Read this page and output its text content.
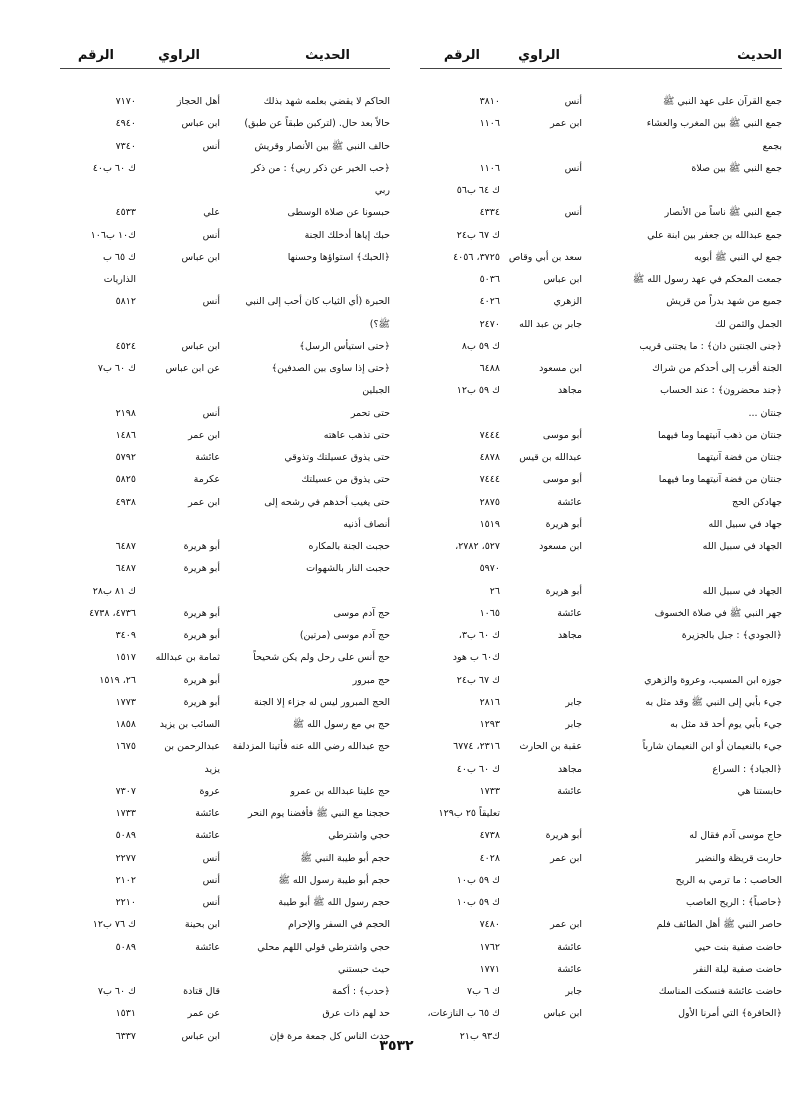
الحديث
الراوي
الرقم
جمع القرآن على عهد النبي ﷺ
أنس
٣٨١٠
جمع النبي ﷺ بين المغرب والعشاء
ابن عمر
١١٠٦
بجمع
جمع النبي ﷺ بين صلاة
أنس
١١٠٦
ك ٦٤ ب٥٦
جمع النبي ﷺ ناساً من الأنصار
أنس
٤٣٣٤
جمع عبدالله بن جعفر بين ابنة علي
ك ٦٧ ب٢٤
جمع لي النبي ﷺ أبويه
سعد بن أبي وقاص
٣٧٢٥، ٤٠٥٦
جمعت المحكم في عهد رسول الله ﷺ
ابن عباس
٥٠٣٦
جميع من شهد بدراً من قريش
الزهري
٤٠٢٦
الجمل والثمن لك
جابر بن عبد الله
٢٤٧٠
﴿جنى الجنتين دان﴾ : ما يجتنى قريب
ك ٥٩ ب٨
الجنة أقرب إلى أحدكم من شراك
ابن مسعود
٦٤٨٨
﴿جند محضرون﴾ : عند الحساب
مجاهد
ك ٥٩ ب١٢
جنتان ...
جنتان من ذهب آنيتهما وما فيهما
أبو موسى
٧٤٤٤
جنتان من فضة آنيتهما
عبدالله بن قيس
٤٨٧٨
جنتان من فضة آنيتهما وما فيهما
أبو موسى
٧٤٤٤
جهادكن الحج
عائشة
٢٨٧٥
جهاد في سبيل الله
أبو هريرة
١٥١٩
الجهاد في سبيل الله
ابن مسعود
٥٢٧، ٢٧٨٢،
٥٩٧٠
الجهاد في سبيل الله
أبو هريرة
٢٦
جهر النبي ﷺ في صلاة الخسوف
عائشة
١٠٦٥
﴿الجودي﴾ : جبل بالجزيرة
مجاهد
ك ٦٠ ب٣،
ك٦٠ ب هود
جوزه ابن المسيب، وعروة والزهري
ك ٦٧ ب٢٤
جيء بأبي إلى النبي ﷺ وقد مثل به
جابر
٢٨١٦
جيء بأبي يوم أحد قد مثل به
جابر
١٢٩٣
جيء بالنعيمان أو ابن النعيمان شارباً
عقبة بن الحارث
٢٣١٦، ٦٧٧٤
﴿الجياد﴾ : السراع
مجاهد
ك ٦٠ ب٤٠
حابستنا هي
عائشة
١٧٣٣
تعليقاً ٢٥ ب١٢٩
حاج موسى آدم فقال له
أبو هريرة
٤٧٣٨
حاربت قريظة والنضير
ابن عمر
٤٠٢٨
الحاصب : ما ترمي به الريح
ك ٥٩ ب١٠
﴿حاصباً﴾ : الريح العاصب
ك ٥٩ ب١٠
حاصر النبي ﷺ أهل الطائف فلم
ابن عمر
٧٤٨٠
حاضت صفية بنت حيي
عائشة
١٧٦٢
حاضت صفية ليلة النفر
عائشة
١٧٧١
حاضت عائشة فنسكت المناسك
جابر
ك ٦ ب٧
﴿الحافرة﴾ التي أمرنا الأول
ابن عباس
ك ٦٥ ب النازعات،
ك٩٣ ب٢١
الحديث
الراوي
الرقم
الحاكم لا يقضي بعلمه شهد بذلك
أهل الحجاز
٧١٧٠
حالاً بعد حال. (لتركبن طبقاً عن طبق)
ابن عباس
٤٩٤٠
حالف النبي ﷺ بين الأنصار وقريش
أنس
٧٣٤٠
﴿حب الخير عن ذكر ربي﴾ : من ذكر
ك ٦٠ ب٤٠
ربي
حبسونا عن صلاة الوسطى
علي
٤٥٣٣
حبك إياها أدخلك الجنة
أنس
ك١٠ ب١٠٦
﴿الحبك﴾ استواؤها وحسنها
ابن عباس
ك ٦٥ ب
الذاريات
الحبرة (أي الثياب كان أحب إلى النبي
أنس
٥٨١٢
ﷺ؟)
﴿حتى استيأس الرسل﴾
ابن عباس
٤٥٢٤
﴿حتى إذا ساوى بين الصدفين﴾
عن ابن عباس
ك ٦٠ ب٧
الجبلين
حتى تحمر
أنس
٢١٩٨
حتى تذهب عاهته
ابن عمر
١٤٨٦
حتى يذوق عسيلتك وتذوقي
عائشة
٥٧٩٢
حتى يذوق من عسيلتك
عكرمة
٥٨٢٥
حتى يغيب أحدهم في رشحه إلى
ابن عمر
٤٩٣٨
أنصاف أذنيه
حجبت الجنة بالمكاره
أبو هريرة
٦٤٨٧
حجبت النار بالشهوات
أبو هريرة
٦٤٨٧
ك ٨١ ب٢٨
حج آدم موسى
أبو هريرة
٤٧٣٦، ٤٧٣٨
حج آدم موسى (مرتين)
أبو هريرة
٣٤٠٩
حج أنس على رحل ولم يكن شحيحاً
ثمامة بن عبدالله
١٥١٧
حج مبرور
أبو هريرة
٢٦، ١٥١٩
الحج المبرور ليس له جزاء إلا الجنة
أبو هريرة
١٧٧٣
حج بي مع رسول الله ﷺ
السائب بن يزيد
١٨٥٨
حج عبدالله رضي الله عنه فأتينا المزدلفة
عبدالرحمن بن
١٦٧٥
يزيد
حج علينا عبدالله بن عمرو
عروة
٧٣٠٧
حججنا مع النبي ﷺ فأفضنا يوم النحر
عائشة
١٧٣٣
حجي واشترطي
عائشة
٥٠٨٩
حجم أبو طيبة النبي ﷺ
أنس
٢٢٧٧
حجم أبو طيبة رسول الله ﷺ
أنس
٢١٠٢
حجم رسول الله ﷺ أبو طيبة
أنس
٢٢١٠
الحجم في السفر والإحرام
ابن بحينة
ك ٧٦ ب١٢
حجي واشترطي قولي اللهم محلي
عائشة
٥٠٨٩
حيث حبستني
﴿حدب﴾ : أكمة
قال قتادة
ك ٦٠ ب٧
حد لهم ذات عرق
عن عمر
١٥٣١
حدث الناس كل جمعة مرة فإن
ابن عباس
٦٣٣٧
٣٥٣٢
